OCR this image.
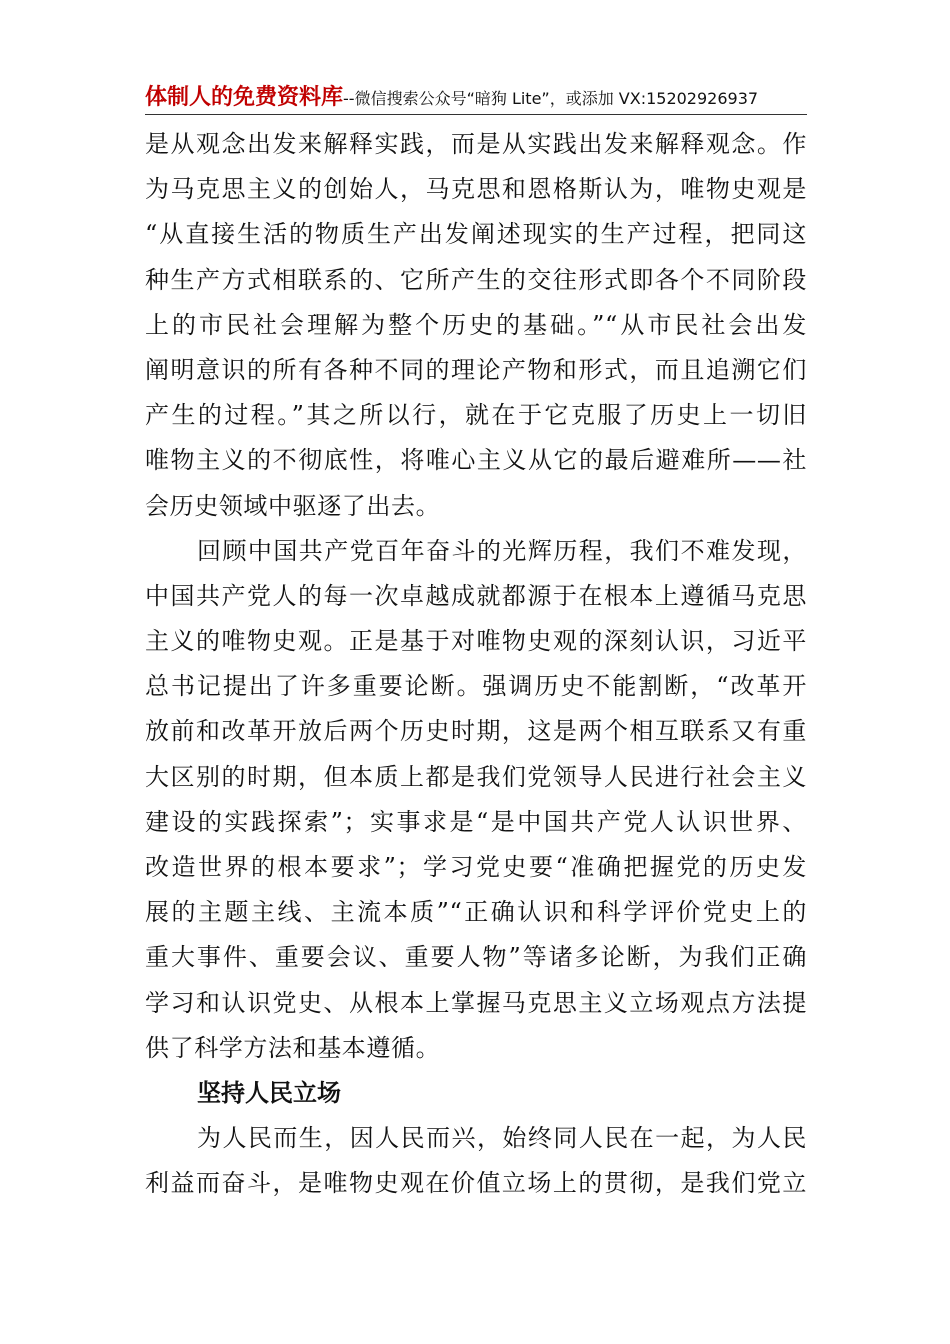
体制人的免费资料库--微信搜索公众号“暗狗 Lite”，或添加 VX:15202926937
是从观念出发来解释实践，而是从实践出发来解释观念。作
为马克思主义的创始人，马克思和恩格斯认为，唯物史观是
“从直接生活的物质生产出发阐述现实的生产过程，把同这
种生产方式相联系的、它所产生的交往形式即各个不同阶段
上的市民社会理解为整个历史的基础。”“从市民社会出发
阐明意识的所有各种不同的理论产物和形式，而且追溯它们
产生的过程。”其之所以行，就在于它克服了历史上一切旧
唯物主义的不彻底性，将唯心主义从它的最后避难所——社
会历史领域中驱逐了出去。
回顾中国共产党百年奋斗的光辉历程，我们不难发现，
中国共产党人的每一次卓越成就都源于在根本上遵循马克思
主义的唯物史观。正是基于对唯物史观的深刻认识，习近平
总书记提出了许多重要论断。强调历史不能割断，“改革开
放前和改革开放后两个历史时期，这是两个相互联系又有重
大区别的时期，但本质上都是我们党领导人民进行社会主义
建设的实践探索”；实事求是“是中国共产党人认识世界、
改造世界的根本要求”；学习党史要“准确把握党的历史发
展的主题主线、主流本质”“正确认识和科学评价党史上的
重大事件、重要会议、重要人物”等诸多论断，为我们正确
学习和认识党史、从根本上掌握马克思主义立场观点方法提
供了科学方法和基本遵循。
坚持人民立场
为人民而生，因人民而兴，始终同人民在一起，为人民
利益而奋斗，是唯物史观在价值立场上的贯彻，是我们党立
